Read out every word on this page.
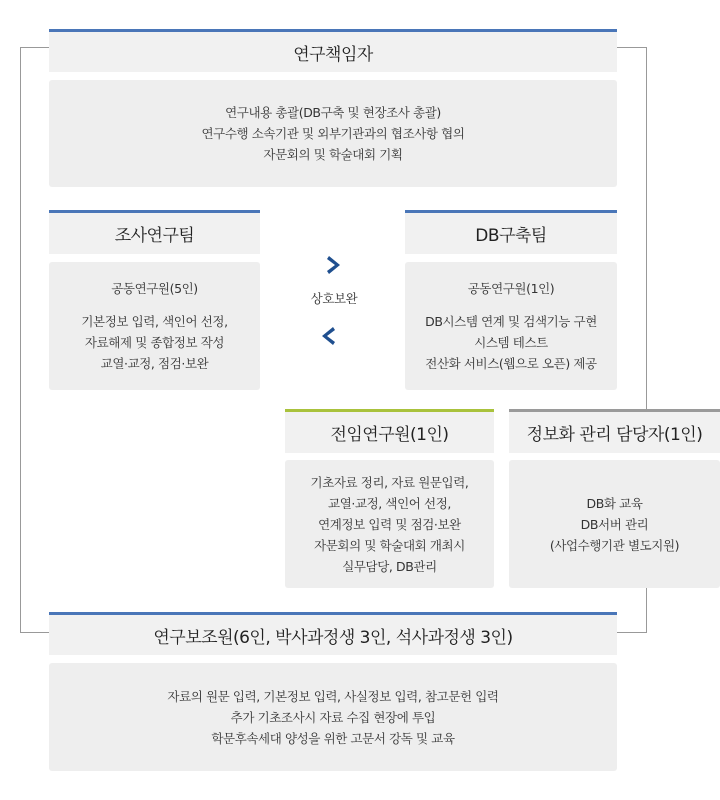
연구책임자
연구내용 총괄(DB구축 및 현장조사 총괄)
연구수행 소속기관 및 외부기관과의 협조사항 협의
자문회의 및 학술대회 기획
조사연구팀
공동연구원(5인)
기본정보 입력, 색인어 선정,
자료해제 및 종합정보 작성
교열·교정, 점검·보완
상호보완
DB구축팀
공동연구원(1인)
DB시스템 연계 및 검색기능 구현
시스템 테스트
전산화 서비스(웹으로 오픈) 제공
전임연구원(1인)
기초자료 정리, 자료 원문입력,
교열·교정, 색인어 선정,
연계정보 입력 및 점검·보완
자문회의 및 학술대회 개최시
실무담당, DB관리
정보화 관리 담당자(1인)
DB화 교육
DB서버 관리
(사업수행기관 별도지원)
연구보조원(6인, 박사과정생 3인, 석사과정생 3인)
자료의 원문 입력, 기본정보 입력, 사실정보 입력, 참고문헌 입력
추가 기초조사시 자료 수집 현장에 투입
학문후속세대 양성을 위한 고문서 강독 및 교육
